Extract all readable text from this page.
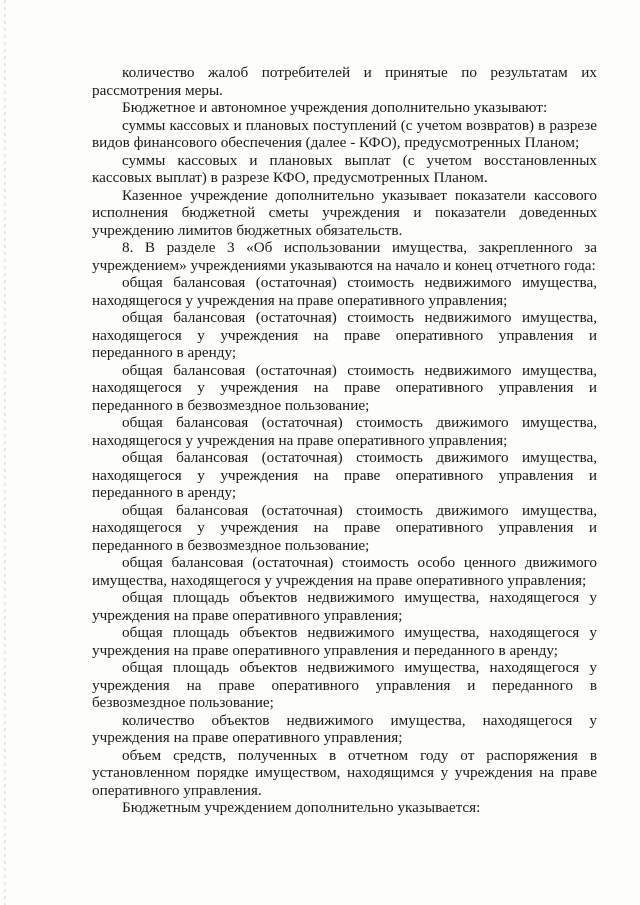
количество жалоб потребителей и принятые по результатам их рассмотрения меры.

Бюджетное и автономное учреждения дополнительно указывают:

суммы кассовых и плановых поступлений (с учетом возвратов) в разрезе видов финансового обеспечения (далее - КФО), предусмотренных Планом;

суммы кассовых и плановых выплат (с учетом восстановленных кассовых выплат) в разрезе КФО, предусмотренных Планом.

Казенное учреждение дополнительно указывает показатели кассового исполнения бюджетной сметы учреждения и показатели доведенных учреждению лимитов бюджетных обязательств.

8. В разделе 3 «Об использовании имущества, закрепленного за учреждением» учреждениями указываются на начало и конец отчетного года:

общая балансовая (остаточная) стоимость недвижимого имущества, находящегося у учреждения на праве оперативного управления;

общая балансовая (остаточная) стоимость недвижимого имущества, находящегося у учреждения на праве оперативного управления и переданного в аренду;

общая балансовая (остаточная) стоимость недвижимого имущества, находящегося у учреждения на праве оперативного управления и переданного в безвозмездное пользование;

общая балансовая (остаточная) стоимость движимого имущества, находящегося у учреждения на праве оперативного управления;

общая балансовая (остаточная) стоимость движимого имущества, находящегося у учреждения на праве оперативного управления и переданного в аренду;

общая балансовая (остаточная) стоимость движимого имущества, находящегося у учреждения на праве оперативного управления и переданного в безвозмездное пользование;

общая балансовая (остаточная) стоимость особо ценного движимого имущества, находящегося у учреждения на праве оперативного управления;

общая площадь объектов недвижимого имущества, находящегося у учреждения на праве оперативного управления;

общая площадь объектов недвижимого имущества, находящегося у учреждения на праве оперативного управления и переданного в аренду;

общая площадь объектов недвижимого имущества, находящегося у учреждения на праве оперативного управления и переданного в безвозмездное пользование;

количество объектов недвижимого имущества, находящегося у учреждения на праве оперативного управления;

объем средств, полученных в отчетном году от распоряжения в установленном порядке имуществом, находящимся у учреждения на праве оперативного управления.

Бюджетным учреждением дополнительно указывается:
